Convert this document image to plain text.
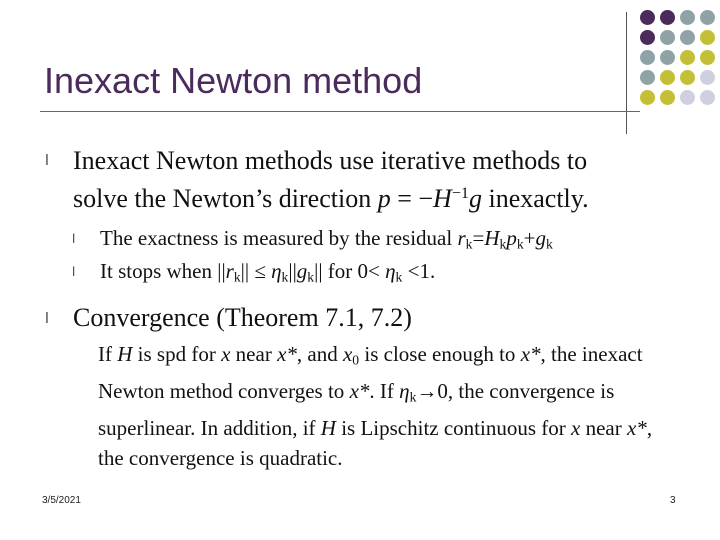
Inexact Newton method
l Inexact Newton methods use iterative methods to solve the Newton’s direction $p = -H^{-1}g$ inexactly.
l The exactness is measured by the residual $r_k=H_kp_k+g_k$
l It stops when $||r_k|| \le \eta_k||g_k||$ for $0< \eta_k <1$.
l Convergence (Theorem 7.1, 7.2)
If H is spd for x near x*, and $x_0$ is close enough to x*, the inexact Newton method converges to x*. If $\eta_k\to 0$, the convergence is superlinear. In addition, if H is Lipschitz continuous for x near x*, the convergence is quadratic.
3/5/2021	3
